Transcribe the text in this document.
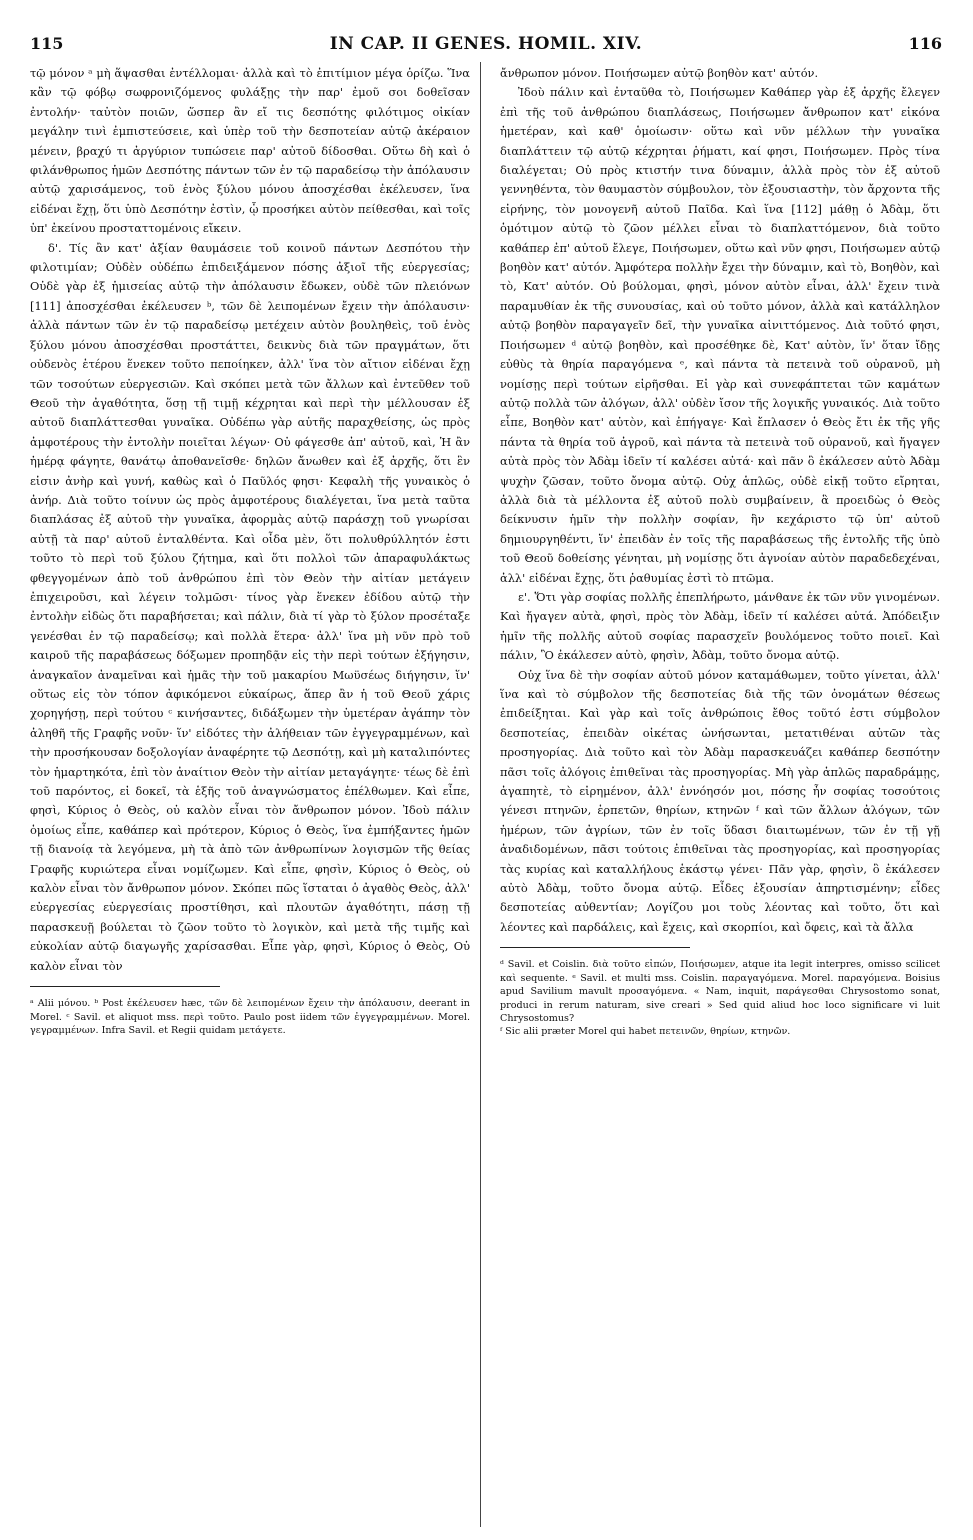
115	IN CAP. II GENES. HOMIL. XIV.	116

τῷ μόνον ᵃ μὴ ἅψασθαι ἐντέλλομαι· ἀλλὰ καὶ τὸ ἐπιτίμιον μέγα ὁρίζω. Ἵνα κἂν τῷ φόβῳ σωφρονιζόμενος φυλάξῃς τὴν παρ' ἐμοῦ σοι δοθεῖσαν ἐντολήν· ταὐτὸν ποιῶν, ὥσπερ ἂν εἴ τις δεσπότης φιλότιμος οἰκίαν μεγάλην τινὶ ἐμπιστεύσειε, καὶ ὑπὲρ τοῦ τὴν δεσποτείαν αὐτῷ ἀκέραιον μένειν, βραχύ τι ἀργύριον τυπώσειε παρ' αὐτοῦ δίδοσθαι. Οὕτω δὴ καὶ ὁ φιλάνθρωπος ἡμῶν Δεσπότης πάντων τῶν ἐν τῷ παραδείσῳ τὴν ἀπόλαυσιν αὐτῷ χαρισάμενος, τοῦ ἑνὸς ξύλου μόνου ἀποσχέσθαι ἐκέλευσεν, ἵνα εἰδέναι ἔχῃ, ὅτι ὑπὸ Δεσπότην ἐστὶν, ᾧ προσήκει αὐτὸν πείθεσθαι, καὶ τοῖς ὑπ' ἐκείνου προσταττομένοις εἴκειν.

δ'. Τίς ἂν κατ' ἀξίαν θαυμάσειε τοῦ κοινοῦ πάντων Δεσπότου τὴν φιλοτιμίαν; Οὐδὲν οὐδέπω ἐπιδειξάμενον πόσης ἀξιοῖ τῆς εὐεργεσίας; Οὐδὲ γὰρ ἐξ ἡμισείας αὐτῷ τὴν ἀπόλαυσιν ἔδωκεν, οὐδὲ τῶν πλειόνων [111] ἀποσχέσθαι ἐκέλευσεν ᵇ, τῶν δὲ λειπομένων ἔχειν τὴν ἀπόλαυσιν· ἀλλὰ πάντων τῶν ἐν τῷ παραδείσῳ μετέχειν αὐτὸν βουληθεὶς, τοῦ ἑνὸς ξύλου μόνου ἀποσχέσθαι προστάττει, δεικνὺς διὰ τῶν πραγμάτων, ὅτι οὐδενὸς ἑτέρου ἕνεκεν τοῦτο πεποίηκεν, ἀλλ' ἵνα τὸν αἴτιον εἰδέναι ἔχῃ τῶν τοσούτων εὐεργεσιῶν. Καὶ σκόπει μετὰ τῶν ἄλλων καὶ ἐντεῦθεν τοῦ Θεοῦ τὴν ἀγαθότητα, ὅσῃ τῇ τιμῇ κέχρηται καὶ περὶ τὴν μέλλουσαν ἐξ αὐτοῦ διαπλάττεσθαι γυναῖκα. Οὐδέπω γὰρ αὐτῆς παραχθείσης, ὡς πρὸς ἀμφοτέρους τὴν ἐντολὴν ποιεῖται λέγων· Οὐ φάγεσθε ἀπ' αὐτοῦ, καὶ, Ἡ ἂν ἡμέρᾳ φάγητε, θανάτῳ ἀποθανεῖσθε· δηλῶν ἄνωθεν καὶ ἐξ ἀρχῆς, ὅτι ἓν εἰσιν ἀνὴρ καὶ γυνή, καθὼς καὶ ὁ Παῦλός φησι· Κεφαλὴ τῆς γυναικὸς ὁ ἀνήρ. Διὰ τοῦτο τοίνυν ὡς πρὸς ἀμφοτέρους διαλέγεται, ἵνα μετὰ ταῦτα διαπλάσας ἐξ αὐτοῦ τὴν γυναῖκα, ἀφορμὰς αὐτῷ παράσχῃ τοῦ γνωρίσαι αὐτῇ τὰ παρ' αὐτοῦ ἐνταλθέντα. Καὶ οἶδα μὲν, ὅτι πολυθρύλλητόν ἐστι τοῦτο τὸ περὶ τοῦ ξύλου ζήτημα, καὶ ὅτι πολλοὶ τῶν ἀπαραφυλάκτως φθεγγομένων ἀπὸ τοῦ ἀνθρώπου ἐπὶ τὸν Θεὸν τὴν αἰτίαν μετάγειν ἐπιχειροῦσι, καὶ λέγειν τολμῶσι· τίνος γὰρ ἕνεκεν ἐδίδου αὐτῷ τὴν ἐντολὴν εἰδὼς ὅτι παραβήσεται; καὶ πάλιν, διὰ τί γὰρ τὸ ξύλον προσέταξε γενέσθαι ἐν τῷ παραδείσῳ; καὶ πολλὰ ἕτερα· ἀλλ' ἵνα μὴ νῦν πρὸ τοῦ καιροῦ τῆς παραβάσεως δόξωμεν προπηδᾷν εἰς τὴν περὶ τούτων ἐξήγησιν, ἀναγκαῖον ἀναμεῖναι καὶ ἡμᾶς τὴν τοῦ μακαρίου Μωϋσέως διήγησιν, ἵν' οὕτως εἰς τὸν τόπον ἀφικόμενοι εὐκαίρως, ἅπερ ἂν ἡ τοῦ Θεοῦ χάρις χορηγήσῃ, περὶ τούτου ᶜ κινήσαντες, διδάξωμεν τὴν ὑμετέραν ἀγάπην τὸν ἀληθῆ τῆς Γραφῆς νοῦν· ἵν' εἰδότες τὴν ἀλήθειαν τῶν ἐγγεγραμμένων, καὶ τὴν προσήκουσαν δοξολογίαν ἀναφέρητε τῷ Δεσπότῃ, καὶ μὴ καταλιπόντες τὸν ἡμαρτηκότα, ἐπὶ τὸν ἀναίτιον Θεὸν τὴν αἰτίαν μεταγάγητε· τέως δὲ ἐπὶ τοῦ παρόντος, εἰ δοκεῖ, τὰ ἑξῆς τοῦ ἀναγνώσματος ἐπέλθωμεν. Καὶ εἶπε, φησὶ, Κύριος ὁ Θεὸς, οὐ καλὸν εἶναι τὸν ἄνθρωπον μόνον. Ἰδοὺ πάλιν ὁμοίως εἶπε, καθάπερ καὶ πρότερον, Κύριος ὁ Θεὸς, ἵνα ἐμπήξαντες ἡμῶν τῇ διανοίᾳ τὰ λεγόμενα, μὴ τὰ ἀπὸ τῶν ἀνθρωπίνων λογισμῶν τῆς θείας Γραφῆς κυριώτερα εἶναι νομίζωμεν. Καὶ εἶπε, φησὶν, Κύριος ὁ Θεὸς, οὐ καλὸν εἶναι τὸν ἄνθρωπον μόνον. Σκόπει πῶς ἵσταται ὁ ἀγαθὸς Θεὸς, ἀλλ' εὐεργεσίας εὐεργεσίαις προστίθησι, καὶ πλουτῶν ἀγαθότητι, πάσῃ τῇ παρασκευῇ βούλεται τὸ ζῶον τοῦτο τὸ λογικὸν, καὶ μετὰ τῆς τιμῆς καὶ εὐκολίαν αὐτῷ διαγωγῆς χαρίσασθαι. Εἶπε γὰρ, φησὶ, Κύριος ὁ Θεὸς, Οὐ καλὸν εἶναι τὸν

ᵃ Alii μόνου. ᵇ Post ἐκέλευσεν hæc, τῶν δὲ λειπομένων ἔχειν τὴν ἀπόλαυσιν, deerant in Morel. ᶜ Savil. et aliquot mss. περὶ τοῦτο. Paulo post iidem τῶν ἐγγεγραμμένων. Morel. γεγραμμένων. Infra Savil. et Regii quidam μετάγετε.

ἄνθρωπον μόνον. Ποιήσωμεν αὐτῷ βοηθὸν κατ' αὐτόν.

Ἰδοὺ πάλιν καὶ ἐνταῦθα τὸ, Ποιήσωμεν Καθάπερ γὰρ ἐξ ἀρχῆς ἔλεγεν ἐπὶ τῆς τοῦ ἀνθρώπου διαπλάσεως, Ποιήσωμεν ἄνθρωπον κατ' εἰκόνα ἡμετέραν, καὶ καθ' ὁμοίωσιν· οὕτω καὶ νῦν μέλλων τὴν γυναῖκα διαπλάττειν τῷ αὐτῷ κέχρηται ῥήματι, καί φησι, Ποιήσωμεν. Πρὸς τίνα διαλέγεται; Οὐ πρὸς κτιστήν τινα δύναμιν, ἀλλὰ πρὸς τὸν ἐξ αὐτοῦ γεννηθέντα, τὸν θαυμαστὸν σύμβουλον, τὸν ἐξουσιαστὴν, τὸν ἄρχοντα τῆς εἰρήνης, τὸν μονογενῆ αὐτοῦ Παῖδα. Καὶ ἵνα [112] μάθῃ ὁ Ἀδὰμ, ὅτι ὁμότιμον αὐτῷ τὸ ζῶον μέλλει εἶναι τὸ διαπλαττόμενον, διὰ τοῦτο καθάπερ ἐπ' αὐτοῦ ἔλεγε, Ποιήσωμεν, οὕτω καὶ νῦν φησι, Ποιήσωμεν αὐτῷ βοηθὸν κατ' αὐτόν. Ἀμφότερα πολλὴν ἔχει τὴν δύναμιν, καὶ τὸ, Βοηθὸν, καὶ τὸ, Κατ' αὐτόν. Οὐ βούλομαι, φησὶ, μόνον αὐτὸν εἶναι, ἀλλ' ἔχειν τινὰ παραμυθίαν ἐκ τῆς συνουσίας, καὶ οὐ τοῦτο μόνον, ἀλλὰ καὶ κατάλληλον αὐτῷ βοηθὸν παραγαγεῖν δεῖ, τὴν γυναῖκα αἰνιττόμενος. Διὰ τοῦτό φησι, Ποιήσωμεν ᵈ αὐτῷ βοηθὸν, καὶ προσέθηκε δὲ, Κατ' αὐτὸν, ἵν' ὅταν ἴδῃς εὐθὺς τὰ θηρία παραγόμενα ᵉ, καὶ πάντα τὰ πετεινὰ τοῦ οὐρανοῦ, μὴ νομίσῃς περὶ τούτων εἰρῆσθαι. Εἰ γὰρ καὶ συνεφάπτεται τῶν καμάτων αὐτῷ πολλὰ τῶν ἀλόγων, ἀλλ' οὐδὲν ἴσον τῆς λογικῆς γυναικός. Διὰ τοῦτο εἶπε, Βοηθὸν κατ' αὐτὸν, καὶ ἐπήγαγε· Καὶ ἔπλασεν ὁ Θεὸς ἔτι ἐκ τῆς γῆς πάντα τὰ θηρία τοῦ ἀγροῦ, καὶ πάντα τὰ πετεινὰ τοῦ οὐρανοῦ, καὶ ἤγαγεν αὐτὰ πρὸς τὸν Ἀδὰμ ἰδεῖν τί καλέσει αὐτά· καὶ πᾶν ὃ ἐκάλεσεν αὐτὸ Ἀδὰμ ψυχὴν ζῶσαν, τοῦτο ὄνομα αὐτῷ. Οὐχ ἁπλῶς, οὐδὲ εἰκῇ τοῦτο εἴρηται, ἀλλὰ διὰ τὰ μέλλοντα ἐξ αὐτοῦ πολὺ συμβαίνειν, ἃ προειδὼς ὁ Θεὸς δείκνυσιν ἡμῖν τὴν πολλὴν σοφίαν, ἣν κεχάριστο τῷ ὑπ' αὐτοῦ δημιουργηθέντι, ἵν' ἐπειδὰν ἐν τοῖς τῆς παραβάσεως τῆς ἐντολῆς τῆς ὑπὸ τοῦ Θεοῦ δοθείσης γένηται, μὴ νομίσῃς ὅτι ἀγνοίαν αὐτὸν παραδεδεχέναι, ἀλλ' εἰδέναι ἔχῃς, ὅτι ῥαθυμίας ἐστὶ τὸ πτῶμα.

ε'. Ὅτι γὰρ σοφίας πολλῆς ἐπεπλήρωτο, μάνθανε ἐκ τῶν νῦν γινομένων. Καὶ ἤγαγεν αὐτὰ, φησὶ, πρὸς τὸν Ἀδὰμ, ἰδεῖν τί καλέσει αὐτά. Ἀπόδειξιν ἡμῖν τῆς πολλῆς αὐτοῦ σοφίας παρασχεῖν βουλόμενος τοῦτο ποιεῖ. Καὶ πάλιν, Ὃ ἐκάλεσεν αὐτὸ, φησὶν, Ἀδὰμ, τοῦτο ὄνομα αὐτῷ.

Οὐχ ἵνα δὲ τὴν σοφίαν αὐτοῦ μόνον καταμάθωμεν, τοῦτο γίνεται, ἀλλ' ἵνα καὶ τὸ σύμβολον τῆς δεσποτείας διὰ τῆς τῶν ὀνομάτων θέσεως ἐπιδείξηται. Καὶ γὰρ καὶ τοῖς ἀνθρώποις ἔθος τοῦτό ἐστι σύμβολον δεσποτείας, ἐπειδὰν οἰκέτας ὠνήσωνται, μετατιθέναι αὐτῶν τὰς προσηγορίας. Διὰ τοῦτο καὶ τὸν Ἀδὰμ παρασκευάζει καθάπερ δεσπότην πᾶσι τοῖς ἀλόγοις ἐπιθεῖναι τὰς προσηγορίας. Μὴ γὰρ ἁπλῶς παραδράμῃς, ἀγαπητὲ, τὸ εἰρημένον, ἀλλ' ἐννόησόν μοι, πόσης ἦν σοφίας τοσούτοις γένεσι πτηνῶν, ἑρπετῶν, θηρίων, κτηνῶν ᶠ καὶ τῶν ἄλλων ἀλόγων, τῶν ἡμέρων, τῶν ἀγρίων, τῶν ἐν τοῖς ὕδασι διαιτωμένων, τῶν ἐν τῇ γῇ ἀναδιδομένων, πᾶσι τούτοις ἐπιθεῖναι τὰς προσηγορίας, καὶ προσηγορίας τὰς κυρίας καὶ καταλλήλους ἑκάστῳ γένει· Πᾶν γὰρ, φησὶν, ὃ ἐκάλεσεν αὐτὸ Ἀδὰμ, τοῦτο ὄνομα αὐτῷ. Εἶδες ἐξουσίαν ἀπηρτισμένην; εἶδες δεσποτείας αὐθεντίαν; Λογίζου μοι τοὺς λέοντας καὶ τοῦτο, ὅτι καὶ λέοντες καὶ παρδάλεις, καὶ ἔχεις, καὶ σκορπίοι, καὶ ὄφεις, καὶ τὰ ἄλλα

ᵈ Savil. et Coislin. διὰ τοῦτο εἰπών, Ποιήσωμεν, atque ita legit interpres, omisso scilicet καὶ sequente. ᵉ Savil. et multi mss. Coislin. παραγαγόμενα. Morel. παραγόμενα. Boisius apud Savilium mavult προσαγόμενα. « Nam, inquit, παράγεσθαι Chrysostomo sonat, produci in rerum naturam, sive creari » Sed quid aliud hoc loco significare vi luit Chrysostomus?

ᶠ Sic alii præter Morel qui habet πετεινῶν, θηρίων, κτηνῶν.
